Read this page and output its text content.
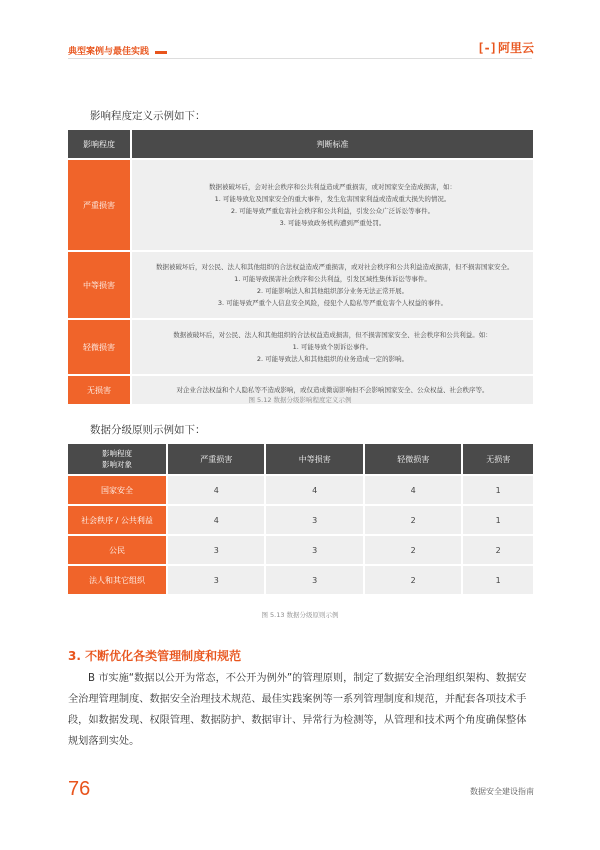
典型案例与最佳实践	[-] 阿里云
影响程度定义示例如下：
影响程度	判断标准
严重损害	数据被破坏后，会对社会秩序和公共利益造成严重损害，或对国家安全造成损害，如：
1. 可能导致危及国家安全的重大事件，发生危害国家利益或造成重大损失的情况。
2. 可能导致严重危害社会秩序和公共利益，引发公众广泛诉讼等事件。
3. 可能导致政务机构遭到严重处罚。

中等损害	数据被破坏后，对公民、法人和其他组织的合法权益造成严重损害，或对社会秩序和公共利益造成损害，但不损害国家安全。
1. 可能导致损害社会秩序和公共利益，引发区域性集体诉讼等事件。
2. 可能影响法人和其他组织部分业务无法正常开展。
3. 可能导致严重个人信息安全风险，侵犯个人隐私等严重危害个人权益的事件。

轻微损害	数据被破坏后，对公民、法人和其他组织的合法权益造成损害，但不损害国家安全、社会秩序和公共利益。如：
1. 可能导致个别诉讼事件。
2. 可能导致法人和其他组织的业务造成一定的影响。

无损害	对企业合法权益和个人隐私等不造成影响，或仅造成微弱影响但不会影响国家安全、公众权益、社会秩序等。
图 5.12 数据分级影响程度定义示例
数据分级原则示例如下：
影响程度
影响对象	严重损害	中等损害	轻微损害	无损害
国家安全	4	4	4	1
社会秩序 / 公共利益	4	3	2	1
公民	3	3	2	2
法人和其它组织	3	3	2	1
图 5.13 数据分级原则示例
3. 不断优化各类管理制度和规范
B 市实施“数据以公开为常态，不公开为例外”的管理原则，制定了数据安全治理组织架构、数据安全治理管理制度、数据安全治理技术规范、最佳实践案例等一系列管理制度和规范，并配套各项技术手段，如数据发现、权限管理、数据防护、数据审计、异常行为检测等，从管理和技术两个角度确保整体规划落到实处。
76	数据安全建设指南
